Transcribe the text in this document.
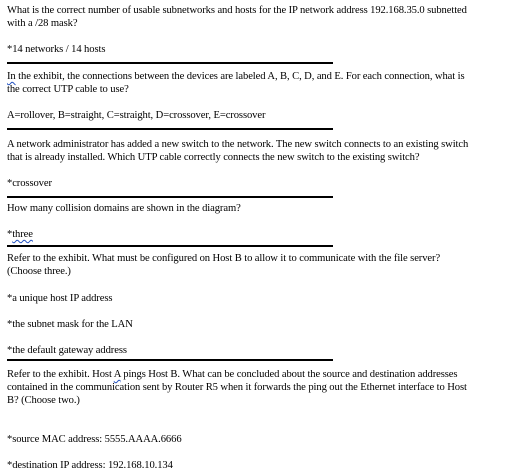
What is the correct number of usable subnetworks and hosts for the IP network address 192.168.35.0 subnetted
with a /28 mask?
*14 networks / 14 hosts
In the exhibit, the connections between the devices are labeled A, B, C, D, and E. For each connection, what is
the correct UTP cable to use?
A=rollover, B=straight, C=straight, D=crossover, E=crossover
A network administrator has added a new switch to the network. The new switch connects to an existing switch
that is already installed. Which UTP cable correctly connects the new switch to the existing switch?
*crossover
How many collision domains are shown in the diagram?
*three
Refer to the exhibit. What must be configured on Host B to allow it to communicate with the file server?
(Choose three.)
*a unique host IP address
*the subnet mask for the LAN
*the default gateway address
Refer to the exhibit. Host A pings Host B. What can be concluded about the source and destination addresses
contained in the communication sent by Router R5 when it forwards the ping out the Ethernet interface to Host
B? (Choose two.)
*source MAC address: 5555.AAAA.6666
*destination IP address: 192.168.10.134
